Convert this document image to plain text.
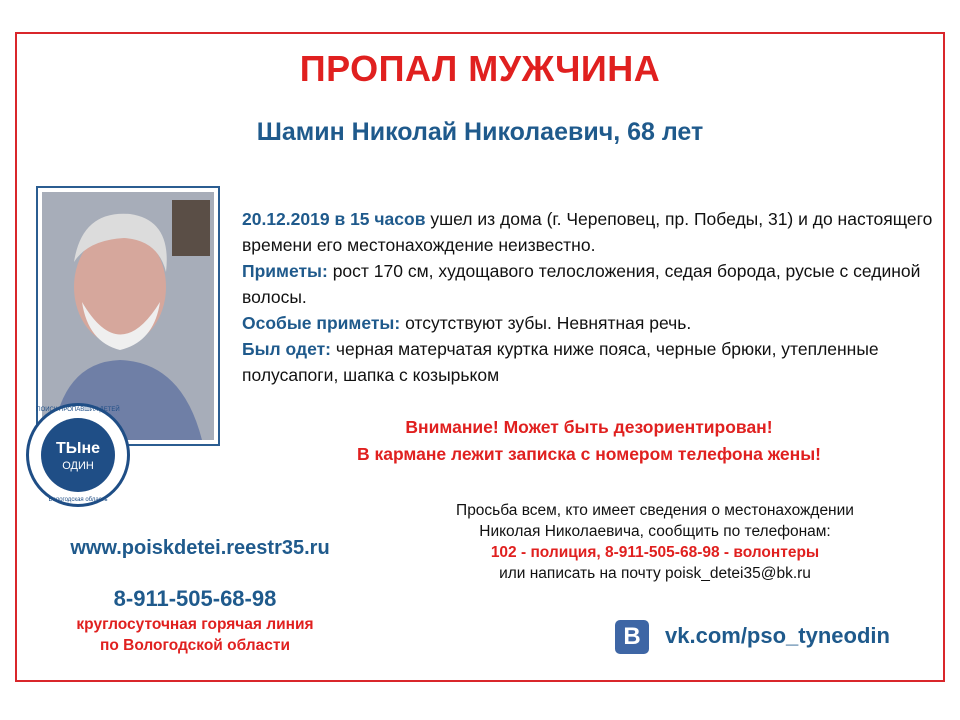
ПРОПАЛ МУЖЧИНА
Шамин Николай Николаевич, 68 лет
ПОИСК ПРОПАВШИХ ДЕТЕЙ
ТЫне
ОДИН
Вологодская область
20.12.2019 в 15 часов ушел из дома (г. Череповец, пр. Победы, 31) и до настоящего времени его местонахождение неизвестно.
Приметы: рост 170 см, худощавого телосложения, седая борода, русые с сединой волосы.
Особые приметы: отсутствуют зубы. Невнятная речь.
Был одет: черная матерчатая куртка ниже пояса, черные брюки, утепленные полусапоги, шапка с козырьком
Внимание! Может быть дезориентирован!
В кармане лежит записка с номером телефона жены!
Просьба всем, кто имеет сведения о местонахождении
Николая Николаевича, сообщить по телефонам:
102 - полиция, 8-911-505-68-98 - волонтеры
или написать на почту poisk_detei35@bk.ru
www.poiskdetei.reestr35.ru
8-911-505-68-98
круглосуточная горячая линия
по Вологодской области	B	vk.com/pso_tyneodin
